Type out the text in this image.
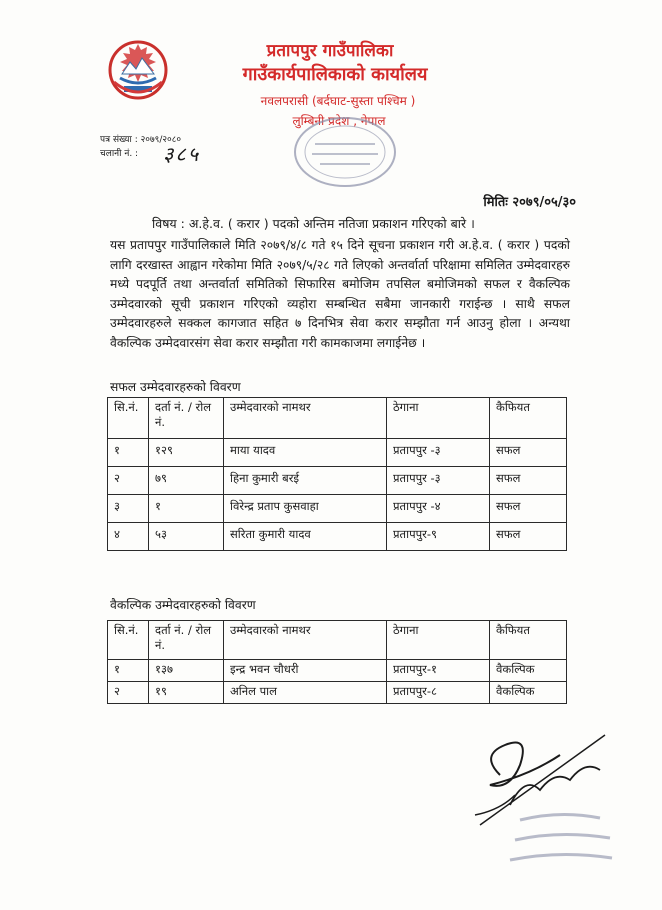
प्रतापपुर गाउँपालिका
गाउँकार्यपालिकाको कार्यालय
नवलपरासी (बर्दघाट-सुस्ता पश्चिम )
लुम्बिनी प्रदेश , नेपाल
पत्र संख्या : २०७९/२०८०
चलानी नं. : ३८५
मितिः २०७९/०५/३०
विषय : अ.हे.व. ( करार ) पदको अन्तिम नतिजा प्रकाशन गरिएको बारे ।
यस प्रतापपुर गाउँपालिकाले मिति २०७९/४/८ गते १५ दिने सूचना प्रकाशन गरी अ.हे.व. ( करार ) पदको लागि दरखास्त आह्वान गरेकोमा मिति २०७९/५/२८ गते लिएको अन्तर्वार्ता परिक्षामा समिलित उम्मेदवारहरु मध्ये पदपूर्ति तथा अन्तर्वार्ता समितिको सिफारिस बमोजिम तपसिल बमोजिमको सफल र वैकल्पिक उम्मेदवारको सूची प्रकाशन गरिएको व्यहोरा सम्बन्धित सबैमा जानकारी गराईन्छ । साथै सफल उम्मेदवारहरुले सक्कल कागजात सहित ७ दिनभित्र सेवा करार सम्झौता गर्न आउनु होला । अन्यथा वैकल्पिक उम्मेदवारसंग सेवा करार सम्झौता गरी कामकाजमा लगाईनेछ ।
सफल उम्मेदवारहरुको विवरण
सि.नं.	दर्ता नं. / रोल नं.	उम्मेदवारको नामथर	ठेगाना	कैफियत
१	१२९	माया यादव	प्रतापपुर -३	सफल
२	७९	हिना कुमारी बरई	प्रतापपुर -३	सफल
३	१	विरेन्द्र प्रताप कुसवाहा	प्रतापपुर -४	सफल
४	५३	सरिता कुमारी यादव	प्रतापपुर-९	सफल
वैकल्पिक उम्मेदवारहरुको विवरण
सि.नं.	दर्ता नं. / रोल नं.	उम्मेदवारको नामथर	ठेगाना	कैफियत
१	१३७	इन्द्र भवन चौधरी	प्रतापपुर-१	वैकल्पिक
२	१९	अनिल पाल	प्रतापपुर-८	वैकल्पिक
